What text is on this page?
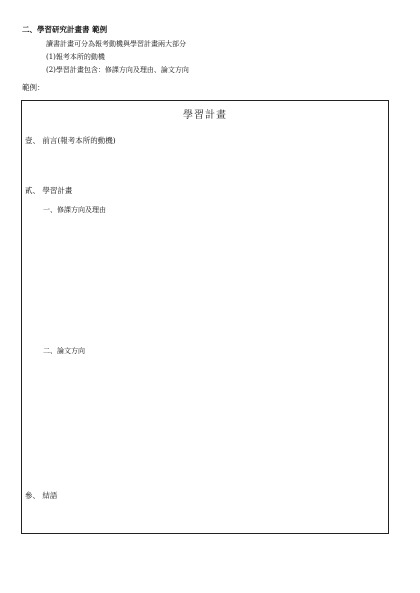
二、學習研究計畫書 範例
讀書計畫可分為報考動機與學習計畫兩大部分
(1)報考本所的動機
(2)學習計畫包含：修課方向及理由、論文方向
範例：
學習計畫
壹、 前言(報考本所的動機)
貳、 學習計畫
一、修課方向及理由
二、論文方向
參、 結語
